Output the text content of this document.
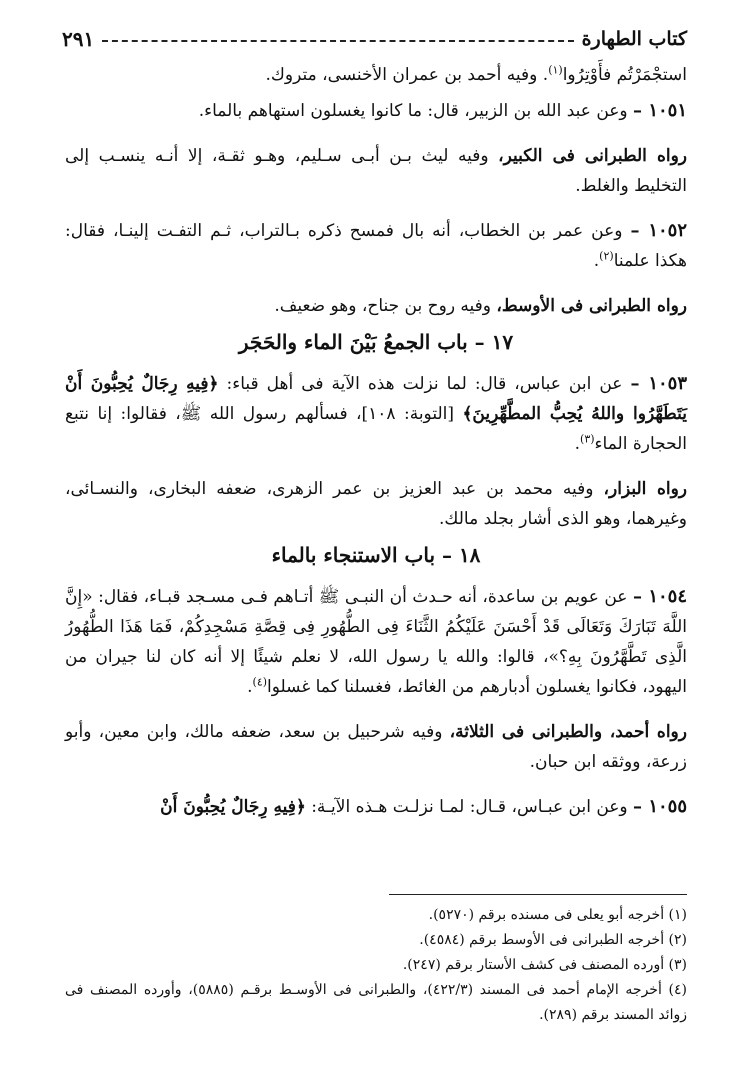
كتاب الطهارة
٢٩١

استجْمَرْتُم فأَوْتِرُوا$^{(١)}$. وفيه أحمد بن عمران الأخنسى، متروك.

١٠٥١ – وعن عبد الله بن الزبير، قال: ما كانوا يغسلون استهاهم بالماء.

رواه الطبرانى فى الكبير، وفيه ليث بـن أبـى سـليم، وهـو ثقـة، إلا أنـه ينسـب إلى التخليط والغلط.

١٠٥٢ – وعن عمر بن الخطاب، أنه بال فمسح ذكره بـالتراب، ثـم التفـت إلينـا، فقال: هكذا علمنا$^{(٢)}$.

رواه الطبرانى فى الأوسط، وفيه روح بن جناح، وهو ضعيف.

١٧ – باب الجمعُ بَيْنَ الماء والحَجَر

١٠٥٣ – عن ابن عباس، قال: لما نزلت هذه الآية فى أهل قباء: ﴿فِيهِ رِجَالٌ يُحِبُّونَ أَنْ يَتَطَهَّرُوا واللهُ يُحِبُّ المطَّهِّرِينَ﴾ [التوبة: ١٠٨]، فسألهم رسول الله ﷺ، فقالوا: إنا نتبع الحجارة الماء$^{(٣)}$.

رواه البزار، وفيه محمد بن عبد العزيز بن عمر الزهرى، ضعفه البخارى، والنسـائى، وغيرهما، وهو الذى أشار بجلد مالك.

١٨ – باب الاستنجاء بالماء

١٠٥٤ – عن عويم بن ساعدة، أنه حـدث أن النبـى ﷺ أتـاهم فـى مسـجد قبـاء، فقال: «إِنَّ اللَّهَ تَبَارَكَ وَتَعَالَى قَدْ أَحْسَنَ عَلَيْكُمُ الثَّنَاءَ فِى الطُّهُورِ فِى قِصَّةِ مَسْجِدِكُمْ، فَمَا هَذَا الطُّهُورُ الَّذِى تَطَّهَّرُونَ بِهِ؟»، قالوا: والله يا رسول الله، لا نعلم شيئًا إلا أنه كان لنا جيران من اليهود، فكانوا يغسلون أدبارهم من الغائط، فغسلنا كما غسلوا$^{(٤)}$.

رواه أحمد، والطبرانى فى الثلاثة، وفيه شرحبيل بن سعد، ضعفه مالك، وابن معين، وأبو زرعة، ووثقه ابن حبان.

١٠٥٥ – وعن ابن عبـاس، قـال: لمـا نزلـت هـذه الآيـة: ﴿فِيهِ رِجَالٌ يُحِبُّونَ أَنْ

(١) أخرجه أبو يعلى فى مسنده برقم (٥٢٧٠).

(٢) أخرجه الطبرانى فى الأوسط برقم (٤٥٨٤).

(٣) أورده المصنف فى كشف الأستار برقم (٢٤٧).

(٤) أخرجه الإمام أحمد فى المسند (٤٢٢/٣)، والطبرانى فى الأوسـط برقـم (٥٨٨٥)، وأورده المصنف فى زوائد المسند برقم (٢٨٩).
